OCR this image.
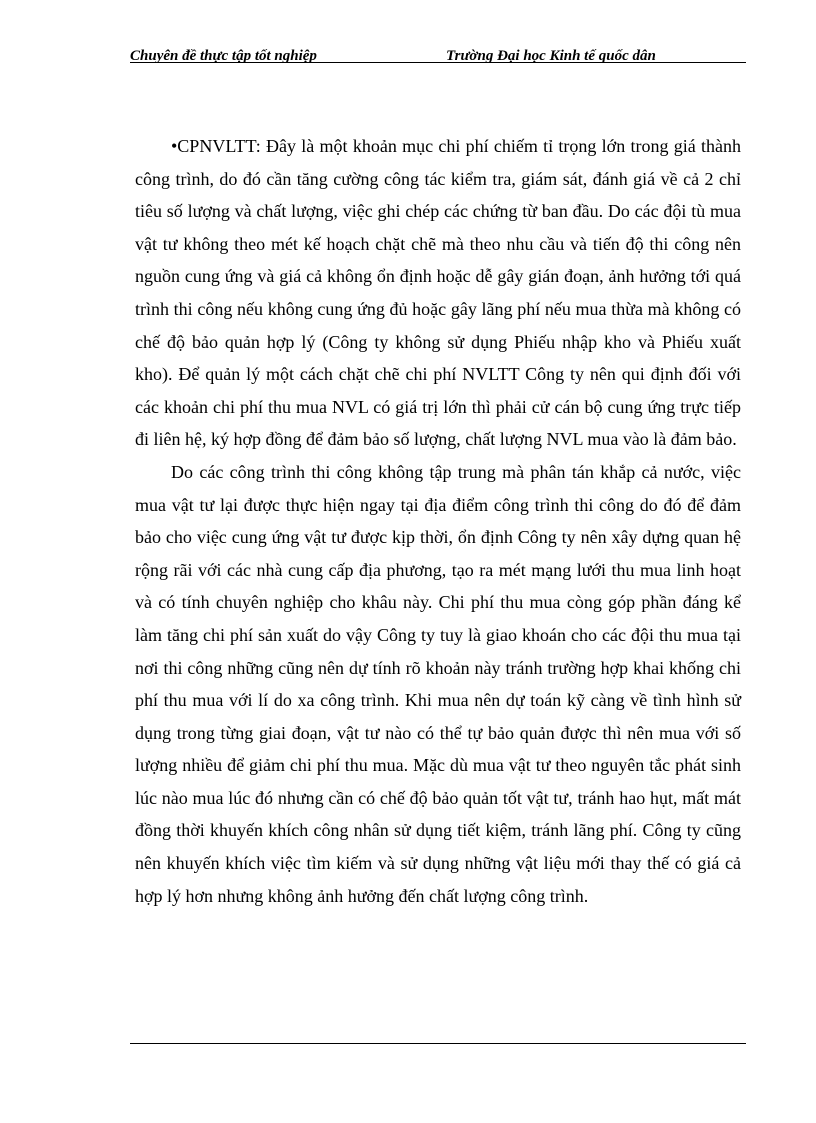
Chuyên đề thực tập tốt nghiệp	Trường Đại học Kinh tế quốc dân

•CPNVLTT: Đây là một khoản mục chi phí chiếm tỉ trọng lớn trong giá thành công trình, do đó cần tăng cường công tác kiểm tra, giám sát, đánh giá về cả 2 chỉ tiêu số lượng và chất lượng, việc ghi chép các chứng từ ban đầu. Do các đội tù mua vật tư không theo mét kế hoạch chặt chẽ mà theo nhu cầu và tiến độ thi công nên nguồn cung ứng và giá cả không ổn định hoặc dễ gây gián đoạn, ảnh hưởng tới quá trình thi công nếu không cung ứng đủ hoặc gây lãng phí nếu mua thừa mà không có chế độ bảo quản hợp lý (Công ty không sử dụng Phiếu nhập kho và Phiếu xuất kho). Để quản lý một cách chặt chẽ chi phí NVLTT Công ty nên qui định đối với các khoản chi phí thu mua NVL có giá trị lớn thì phải cử cán bộ cung ứng trực tiếp đi liên hệ, ký hợp đồng để đảm bảo số lượng, chất lượng NVL mua vào là đảm bảo.

Do các công trình thi công không tập trung mà phân tán khắp cả nước, việc mua vật tư lại được thực hiện ngay tại địa điểm công trình thi công do đó để đảm bảo cho việc cung ứng vật tư được kịp thời, ổn định Công ty nên xây dựng quan hệ rộng rãi với các nhà cung cấp địa phương, tạo ra mét mạng lưới thu mua linh hoạt và có tính chuyên nghiệp cho khâu này. Chi phí thu mua còng góp phần đáng kể làm tăng chi phí sản xuất do vậy Công ty tuy là giao khoán cho các đội thu mua tại nơi thi công những cũng nên dự tính rõ khoản này tránh trường hợp khai khống chi phí thu mua với lí do xa công trình. Khi mua nên dự toán kỹ càng về tình hình sử dụng trong từng giai đoạn, vật tư nào có thể tự bảo quản được thì nên mua với số lượng nhiều để giảm chi phí thu mua. Mặc dù mua vật tư theo nguyên tắc phát sinh lúc nào mua lúc đó nhưng cần có chế độ bảo quản tốt vật tư, tránh hao hụt, mất mát đồng thời khuyến khích công nhân sử dụng tiết kiệm, tránh lãng phí. Công ty cũng nên khuyến khích việc tìm kiếm và sử dụng những vật liệu mới thay thế có giá cả hợp lý hơn nhưng không ảnh hưởng đến chất lượng công trình.
